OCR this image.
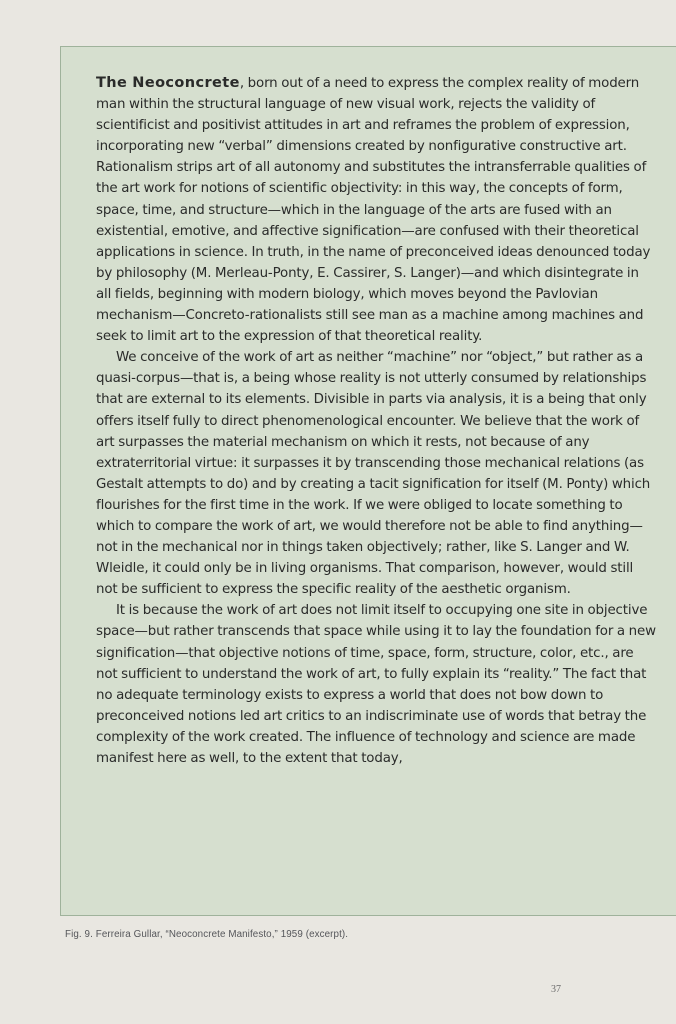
The Neoconcrete, born out of a need to express the complex reality of modern man within the structural language of new visual work, rejects the validity of scientificist and positivist attitudes in art and reframes the problem of expression, incorporating new “verbal” dimensions created by nonfigurative constructive art. Rationalism strips art of all autonomy and substitutes the intransferrable qualities of the art work for notions of scientific objectivity: in this way, the concepts of form, space, time, and structure—which in the language of the arts are fused with an existential, emotive, and affective signification—are confused with their theoretical applications in science. In truth, in the name of preconceived ideas denounced today by philosophy (M. Merleau-Ponty, E. Cassirer, S. Langer)—and which disintegrate in all fields, beginning with modern biology, which moves beyond the Pavlovian mechanism—Concreto-rationalists still see man as a machine among machines and seek to limit art to the expression of that theoretical reality.

We conceive of the work of art as neither “machine” nor “object,” but rather as a quasi-corpus—that is, a being whose reality is not utterly consumed by relationships that are external to its elements. Divisible in parts via analysis, it is a being that only offers itself fully to direct phenomenological encounter. We believe that the work of art surpasses the material mechanism on which it rests, not because of any extraterritorial virtue: it surpasses it by transcending those mechanical relations (as Gestalt attempts to do) and by creating a tacit signification for itself (M. Ponty) which flourishes for the first time in the work. If we were obliged to locate something to which to compare the work of art, we would therefore not be able to find anything—not in the mechanical nor in things taken objectively; rather, like S. Langer and W. Wleidle, it could only be in living organisms. That comparison, however, would still not be sufficient to express the specific reality of the aesthetic organism.

It is because the work of art does not limit itself to occupying one site in objective space—but rather transcends that space while using it to lay the foundation for a new signification—that objective notions of time, space, form, structure, color, etc., are not sufficient to understand the work of art, to fully explain its “reality.” The fact that no adequate terminology exists to express a world that does not bow down to preconceived notions led art critics to an indiscriminate use of words that betray the complexity of the work created. The influence of technology and science are made manifest here as well, to the extent that today,

Fig. 9. Ferreira Gullar, “Neoconcrete Manifesto,” 1959 (excerpt).

37
